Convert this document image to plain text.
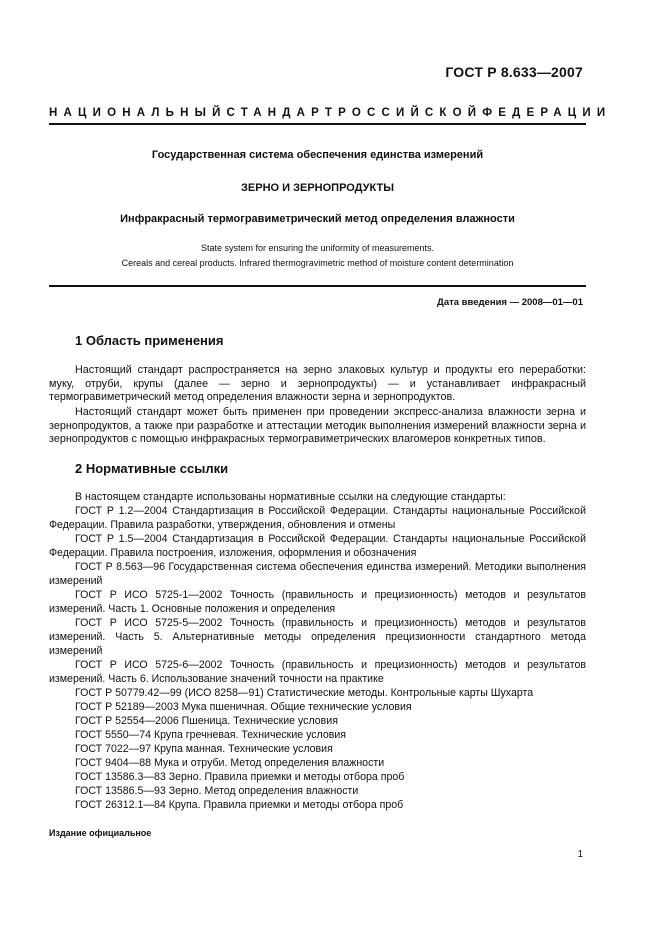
ГОСТ Р 8.633—2007
НАЦИОНАЛЬНЫЙ СТАНДАРТ РОССИЙСКОЙ ФЕДЕРАЦИИ
Государственная система обеспечения единства измерений
ЗЕРНО И ЗЕРНОПРОДУКТЫ
Инфракрасный термогравиметрический метод определения влажности
State system for ensuring the uniformity of measurements.
Cereals and cereal products. Infrared thermogravimetric method of moisture content determination
Дата введения — 2008—01—01
1 Область применения
Настоящий стандарт распространяется на зерно злаковых культур и продукты его переработки: муку, отруби, крупы (далее — зерно и зернопродукты) — и устанавливает инфракрасный термогравиметрический метод определения влажности зерна и зернопродуктов.
Настоящий стандарт может быть применен при проведении экспресс-анализа влажности зерна и зернопродуктов, а также при разработке и аттестации методик выполнения измерений влажности зерна и зернопродуктов с помощью инфракрасных термогравиметрических влагомеров конкретных типов.
2 Нормативные ссылки
В настоящем стандарте использованы нормативные ссылки на следующие стандарты:
ГОСТ Р 1.2—2004 Стандартизация в Российской Федерации. Стандарты национальные Российской Федерации. Правила разработки, утверждения, обновления и отмены
ГОСТ Р 1.5—2004 Стандартизация в Российской Федерации. Стандарты национальные Российской Федерации. Правила построения, изложения, оформления и обозначения
ГОСТ Р 8.563—96 Государственная система обеспечения единства измерений. Методики выполнения измерений
ГОСТ Р ИСО 5725-1—2002 Точность (правильность и прецизионность) методов и результатов измерений. Часть 1. Основные положения и определения
ГОСТ Р ИСО 5725-5—2002 Точность (правильность и прецизионность) методов и результатов измерений. Часть 5. Альтернативные методы определения прецизионности стандартного метода измерений
ГОСТ Р ИСО 5725-6—2002 Точность (правильность и прецизионность) методов и результатов измерений. Часть 6. Использование значений точности на практике
ГОСТ Р 50779.42—99 (ИСО 8258—91) Статистические методы. Контрольные карты Шухарта
ГОСТ Р 52189—2003 Мука пшеничная. Общие технические условия
ГОСТ Р 52554—2006 Пшеница. Технические условия
ГОСТ 5550—74 Крупа гречневая. Технические условия
ГОСТ 7022—97 Крупа манная. Технические условия
ГОСТ 9404—88 Мука и отруби. Метод определения влажности
ГОСТ 13586.3—83 Зерно. Правила приемки и методы отбора проб
ГОСТ 13586.5—93 Зерно. Метод определения влажности
ГОСТ 26312.1—84 Крупа. Правила приемки и методы отбора проб
Издание официальное
1
